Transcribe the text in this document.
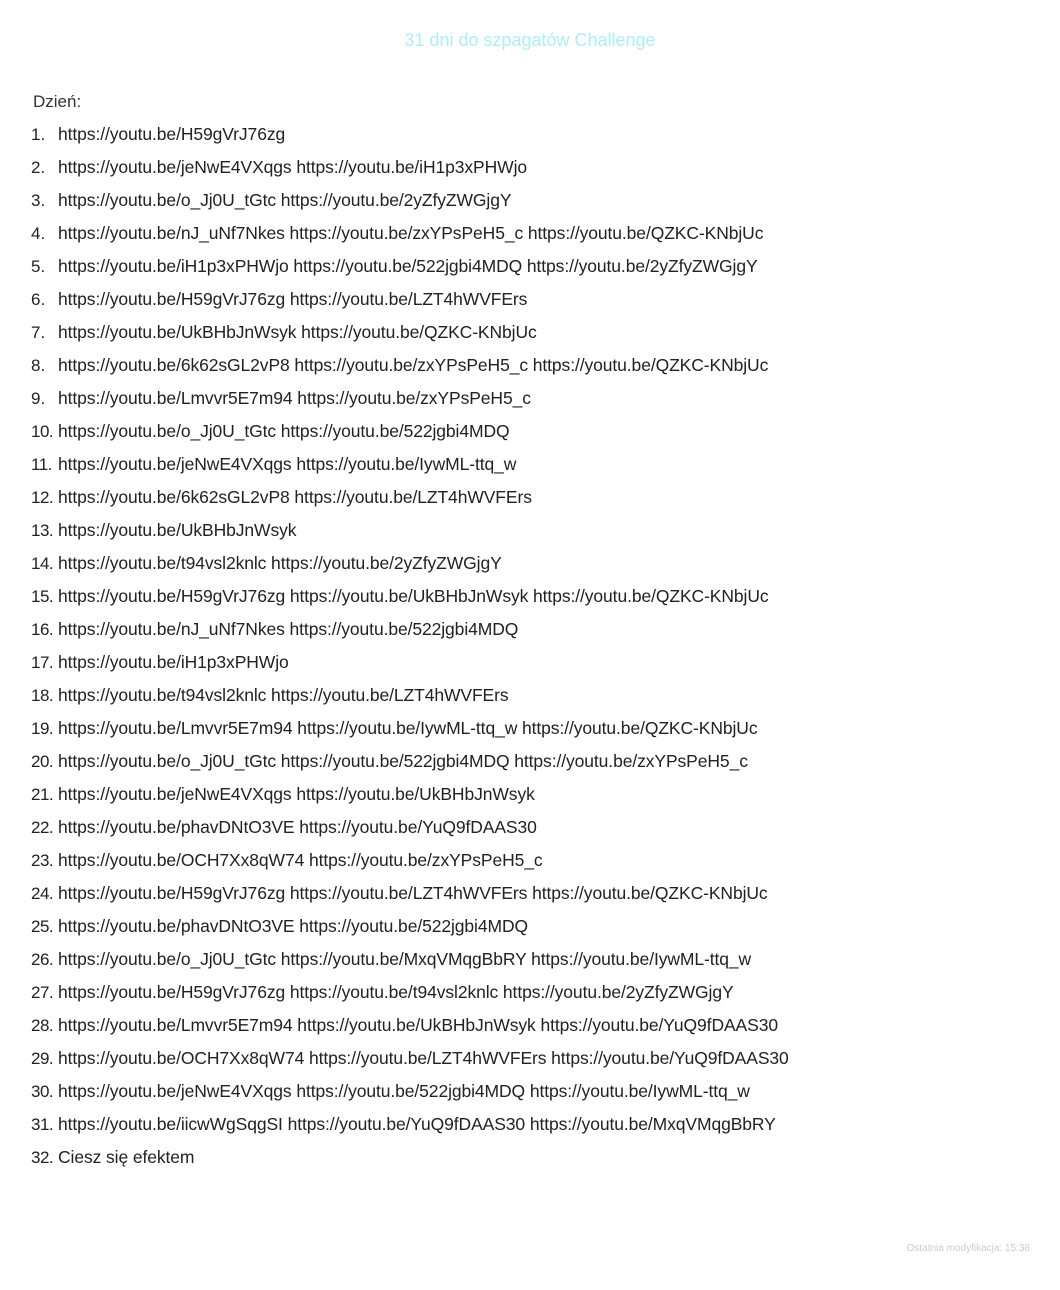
31 dni do szpagatów Challenge
Dzień:
1. https://youtu.be/H59gVrJ76zg
2. https://youtu.be/jeNwE4VXqgs https://youtu.be/iH1p3xPHWjo
3. https://youtu.be/o_Jj0U_tGtc https://youtu.be/2yZfyZWGjgY
4. https://youtu.be/nJ_uNf7Nkes https://youtu.be/zxYPsPeH5_c https://youtu.be/QZKC-KNbjUc
5. https://youtu.be/iH1p3xPHWjo https://youtu.be/522jgbi4MDQ https://youtu.be/2yZfyZWGjgY
6. https://youtu.be/H59gVrJ76zg https://youtu.be/LZT4hWVFErs
7. https://youtu.be/UkBHbJnWsyk https://youtu.be/QZKC-KNbjUc
8. https://youtu.be/6k62sGL2vP8 https://youtu.be/zxYPsPeH5_c https://youtu.be/QZKC-KNbjUc
9. https://youtu.be/Lmvvr5E7m94 https://youtu.be/zxYPsPeH5_c
10. https://youtu.be/o_Jj0U_tGtc https://youtu.be/522jgbi4MDQ
11. https://youtu.be/jeNwE4VXqgs https://youtu.be/IywML-ttq_w
12. https://youtu.be/6k62sGL2vP8 https://youtu.be/LZT4hWVFErs
13. https://youtu.be/UkBHbJnWsyk
14. https://youtu.be/t94vsl2knlc https://youtu.be/2yZfyZWGjgY
15. https://youtu.be/H59gVrJ76zg https://youtu.be/UkBHbJnWsyk https://youtu.be/QZKC-KNbjUc
16. https://youtu.be/nJ_uNf7Nkes https://youtu.be/522jgbi4MDQ
17. https://youtu.be/iH1p3xPHWjo
18. https://youtu.be/t94vsl2knlc https://youtu.be/LZT4hWVFErs
19. https://youtu.be/Lmvvr5E7m94 https://youtu.be/IywML-ttq_w https://youtu.be/QZKC-KNbjUc
20. https://youtu.be/o_Jj0U_tGtc https://youtu.be/522jgbi4MDQ https://youtu.be/zxYPsPeH5_c
21. https://youtu.be/jeNwE4VXqgs https://youtu.be/UkBHbJnWsyk
22. https://youtu.be/phavDNtO3VE https://youtu.be/YuQ9fDAAS30
23. https://youtu.be/OCH7Xx8qW74 https://youtu.be/zxYPsPeH5_c
24. https://youtu.be/H59gVrJ76zg https://youtu.be/LZT4hWVFErs https://youtu.be/QZKC-KNbjUc
25. https://youtu.be/phavDNtO3VE https://youtu.be/522jgbi4MDQ
26. https://youtu.be/o_Jj0U_tGtc https://youtu.be/MxqVMqgBbRY https://youtu.be/IywML-ttq_w
27. https://youtu.be/H59gVrJ76zg https://youtu.be/t94vsl2knlc https://youtu.be/2yZfyZWGjgY
28. https://youtu.be/Lmvvr5E7m94 https://youtu.be/UkBHbJnWsyk https://youtu.be/YuQ9fDAAS30
29. https://youtu.be/OCH7Xx8qW74 https://youtu.be/LZT4hWVFErs https://youtu.be/YuQ9fDAAS30
30. https://youtu.be/jeNwE4VXqgs https://youtu.be/522jgbi4MDQ https://youtu.be/IywML-ttq_w
31. https://youtu.be/iicwWgSqgSI https://youtu.be/YuQ9fDAAS30 https://youtu.be/MxqVMqgBbRY
32. Ciesz się efektem
Ostatnia modyfikacja: 15:38
